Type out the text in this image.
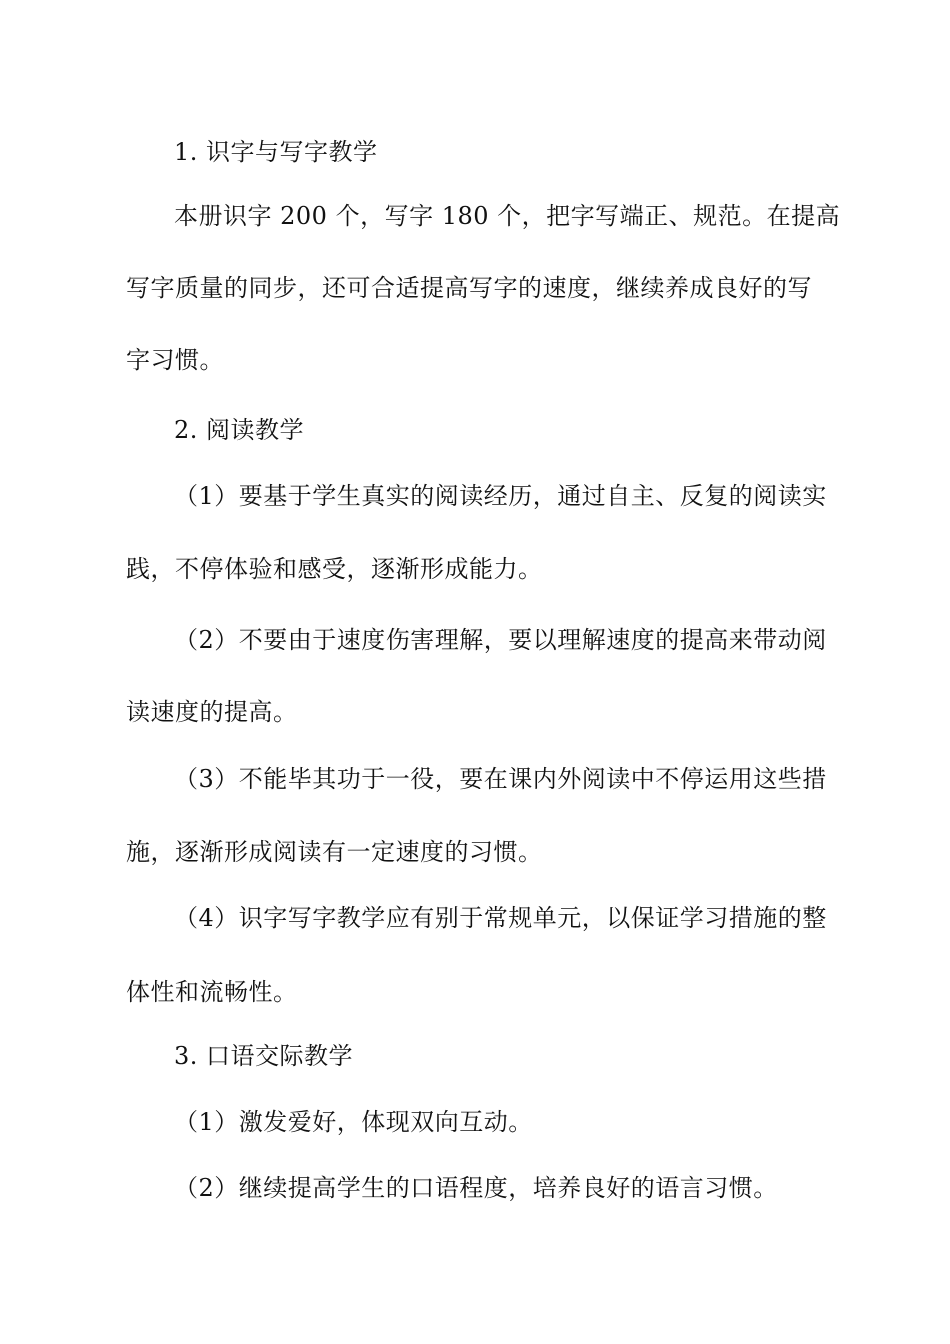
1. 识字与写字教学
本册识字 200 个，写字 180 个，把字写端正、规范。在提高
写字质量的同步，还可合适提高写字的速度，继续养成良好的写
字习惯。
2. 阅读教学
（1）要基于学生真实的阅读经历，通过自主、反复的阅读实
践，不停体验和感受，逐渐形成能力。
（2）不要由于速度伤害理解，要以理解速度的提高来带动阅
读速度的提高。
（3）不能毕其功于一役，要在课内外阅读中不停运用这些措
施，逐渐形成阅读有一定速度的习惯。
（4）识字写字教学应有别于常规单元，以保证学习措施的整
体性和流畅性。
3. 口语交际教学
（1）激发爱好，体现双向互动。
（2）继续提高学生的口语程度，培养良好的语言习惯。
